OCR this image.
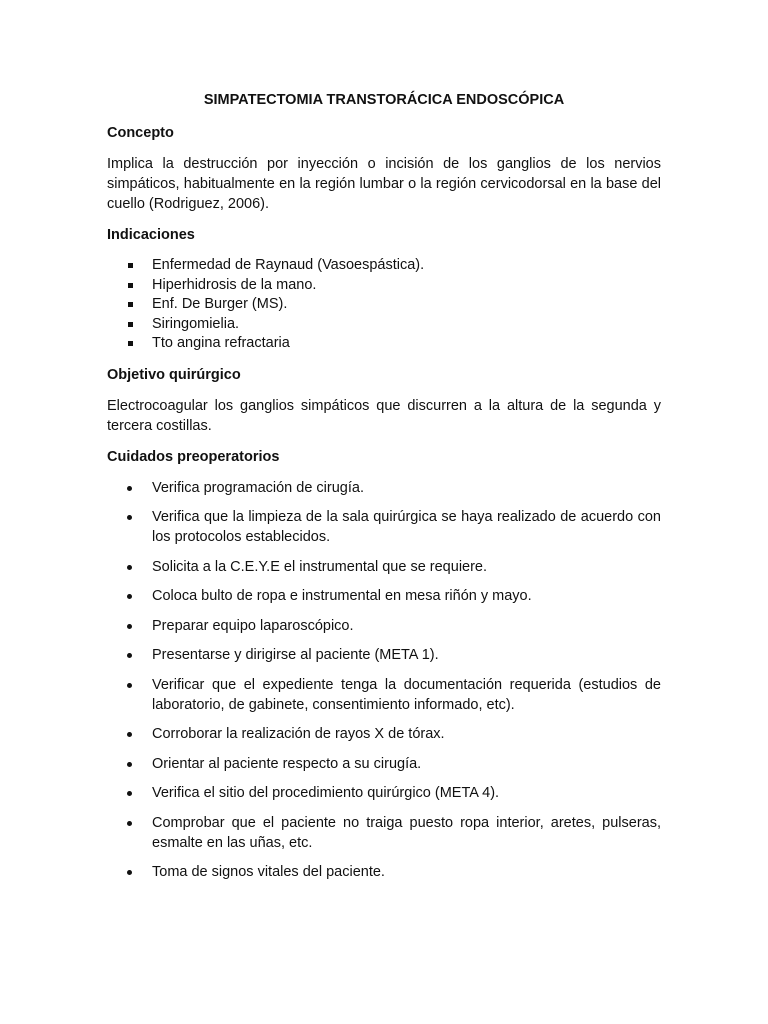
SIMPATECTOMIA TRANSTORÁCICA ENDOSCÓPICA
Concepto

Implica la destrucción por inyección o incisión de los ganglios de los nervios simpáticos, habitualmente en la región lumbar o la región cervicodorsal en la base del cuello (Rodriguez, 2006).

Indicaciones
Enfermedad de Raynaud (Vasoespástica).
Hiperhidrosis de la mano.
Enf. De Burger (MS).
Siringomielia.
Tto angina refractaria
Objetivo quirúrgico

Electrocoagular los ganglios simpáticos que discurren a la altura de la segunda y tercera costillas.

Cuidados preoperatorios
Verifica programación de cirugía.
Verifica que la limpieza de la sala quirúrgica se haya realizado de acuerdo con los protocolos establecidos.
Solicita a la C.E.Y.E el instrumental que se requiere.
Coloca bulto de ropa e instrumental en mesa riñón y mayo.
Preparar equipo laparoscópico.
Presentarse y dirigirse al paciente (META 1).
Verificar que el expediente tenga la documentación requerida (estudios de laboratorio, de gabinete, consentimiento informado, etc).
Corroborar la realización de rayos X de tórax.
Orientar al paciente respecto a su cirugía.
Verifica el sitio del procedimiento quirúrgico (META 4).
Comprobar que el paciente no traiga puesto ropa interior, aretes, pulseras, esmalte en las uñas, etc.
Toma de signos vitales del paciente.
